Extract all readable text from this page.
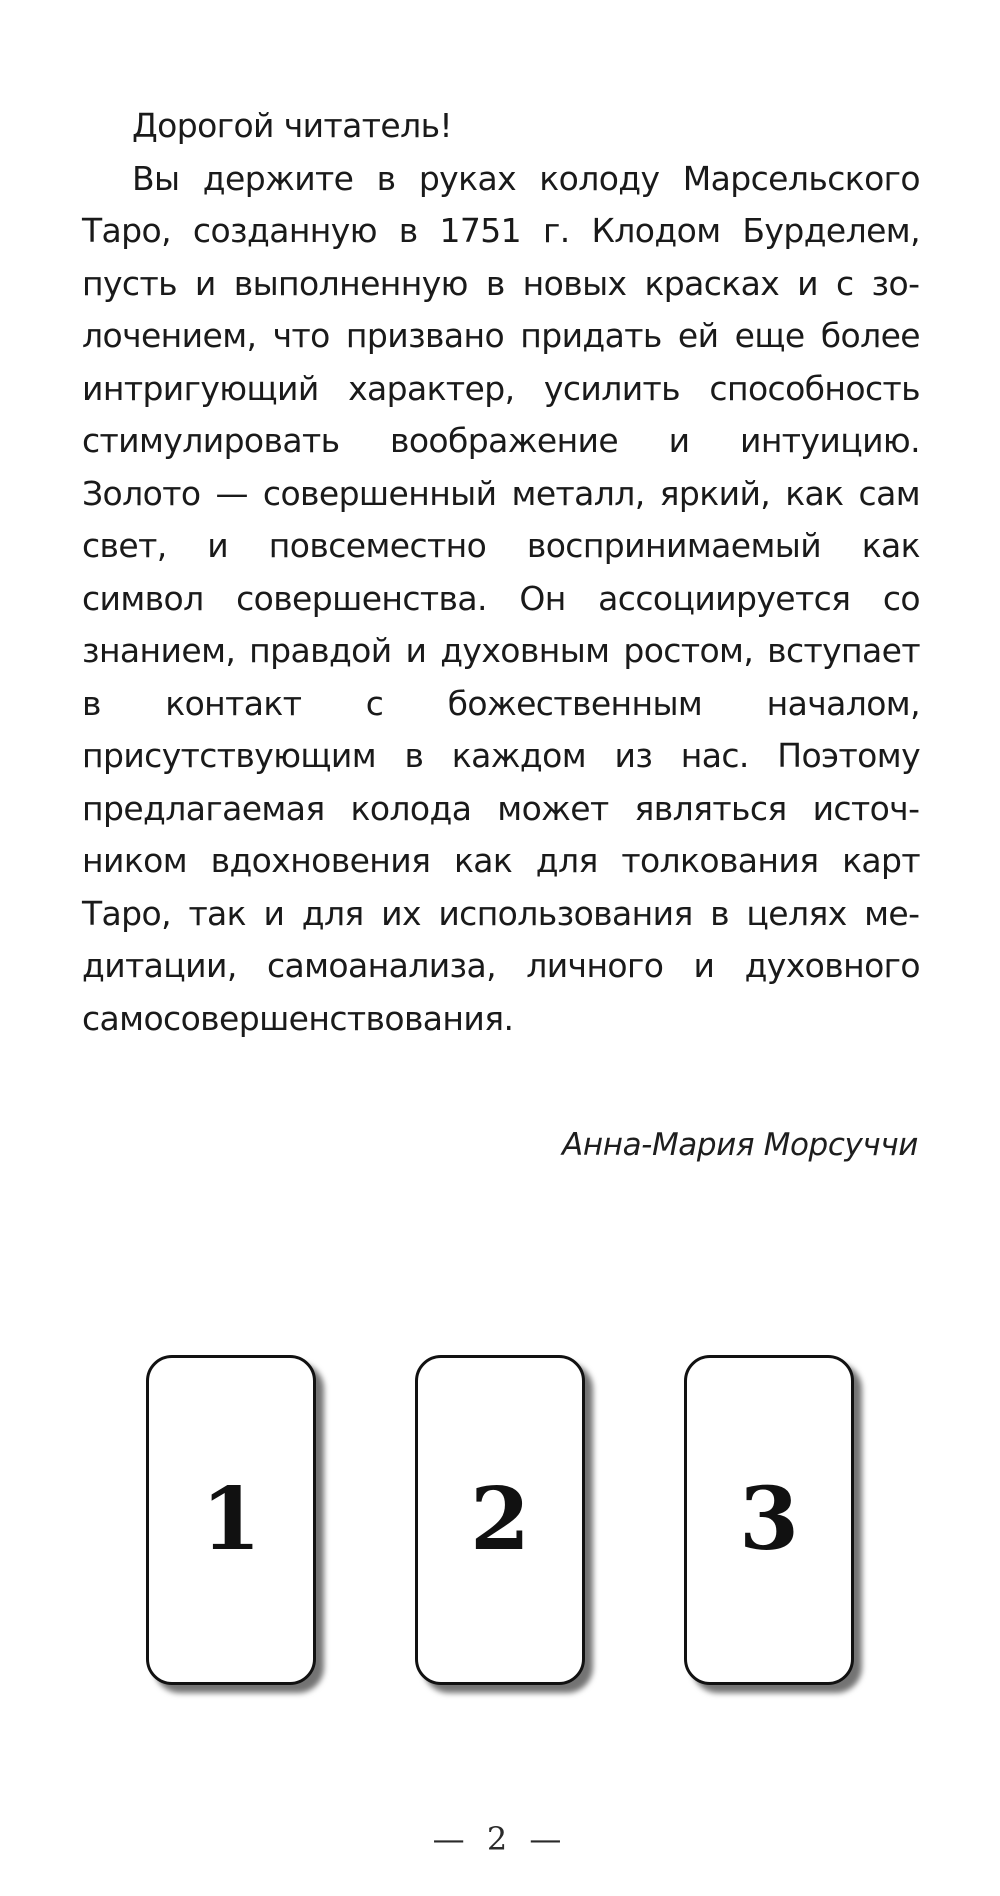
Дорогой читатель!

Вы держите в руках колоду Марсельского Таро, созданную в 1751 г. Клодом Бурделем, пусть и выполненную в новых красках и с золочением, что призвано придать ей еще более интригующий характер, усилить способность стимулировать воображение и интуицию. Золото — совершенный металл, яркий, как сам свет, и повсеместно воспринимаемый как символ совершенства. Он ассоциируется со знанием, правдой и духовным ростом, вступает в контакт с божественным началом, присутствующим в каждом из нас. Поэтому предлагаемая колода может являться источником вдохновения как для толкования карт Таро, так и для их использования в целях медитации, самоанализа, личного и духовного самосовершенствования.

Анна-Мария Морсуччи
1 2 3
— 2 —
